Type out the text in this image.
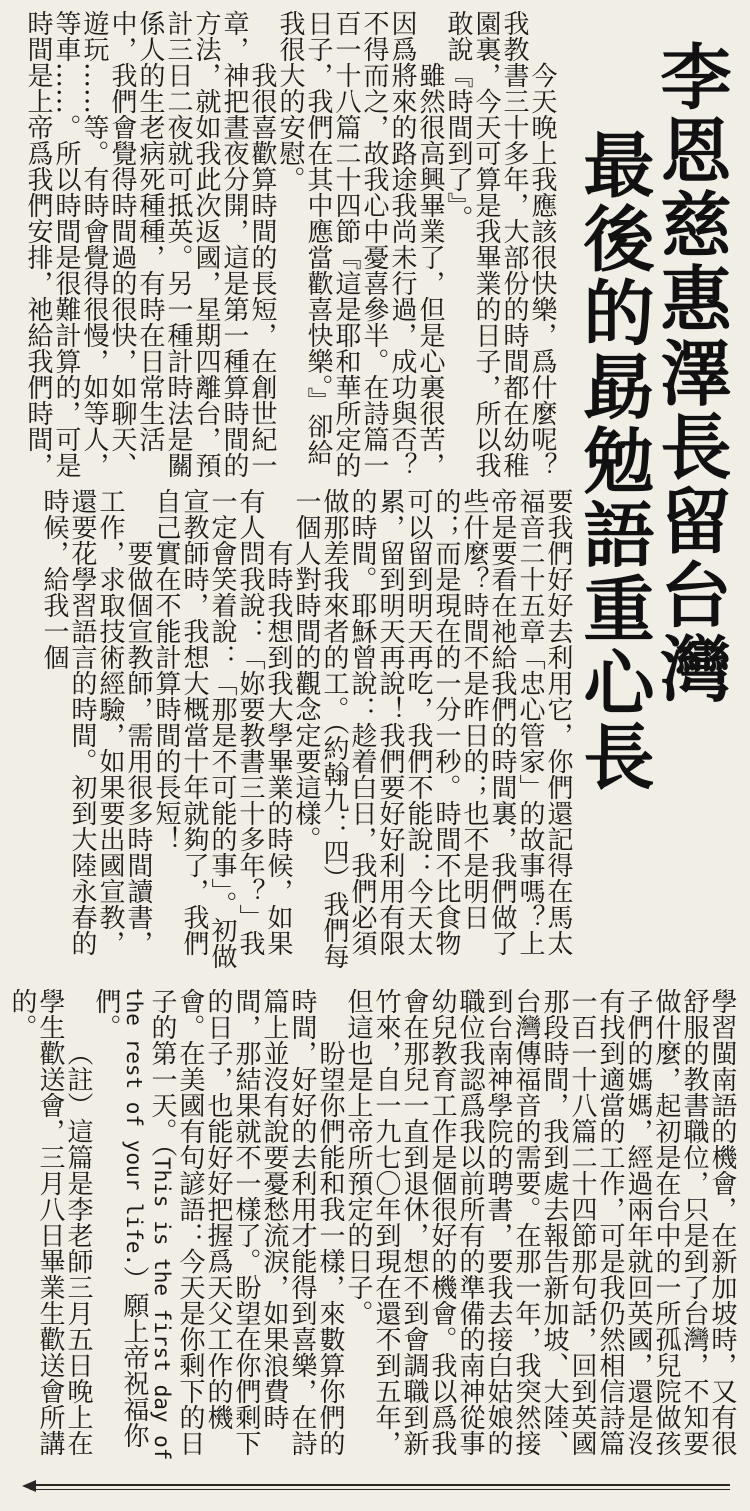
李恩慈惠澤長留台灣
最後的勗勉語重心長

今天晚上我應該很快樂，爲什麼呢？我教書三十多年，大部份的時間都在幼稚園裏，今天可算是我畢業的日子，所以我敢說『時間到了』。

雖然很高興畢業了，但是心裏很苦，因爲將來的路途我尚未行過，成功與否？不得而之，故我心中憂喜參半。在詩篇一百一十八篇二十四節『這是耶和華所定的日子，我們在其中應當歡喜快樂。』卻給我很大的安慰。

我很喜歡算時間的長短，在創世紀一章，神把晝夜分開，這是第一種算時間的方法，就如我此次返國，星期四離台，預計三日二夜就可抵英。另一種計時法是關係人的生老病死種種，有時在日常生活中，我們會覺得時間過的很快，如聊天、遊玩……等。有時會覺得很慢，如等人，等車……。所以時間是很難計算的，可是時間是上帝爲我們安排，祂給我們時間，

要我們好好去利用它，你們還記得在馬太福音二十五章「忠心管家」的故事嗎？上帝是要看在祂給我們的時間裏，我們做了些什麼？時間不是昨日的；也不是明日的；而是現在的一分一秒。時間不比食物可以留到明天再吃，我們不能說：今天太累，留到明天再說！我們要好好利用有限的時間。耶穌曾說：趁着白日，我們必須做那差我來者的工。（約翰九：四）我們每一個人對時間的觀念定要這樣。

有時我想到我大學畢業的時候，如果有人問我說：「妳要教書三十多年？」我一定會笑着說：「那是不可能的事」。初做宣教師時，我想大概當十年就夠了，我們自己實在不能計算時間的長短！

要做個宣教師，需用很多時間讀書，工作，求取技術經驗，如果要出國宣教，還要花學習語言的時間。初到大陸永春的時候，給我一個

學習閩南語的機會，在新加坡時，又有很舒服的教書職位，只是到了台灣，不知要做什麼，起初是在台中的一所孤兒院做孩子們的媽媽，經過兩年就回英國，還是沒有找到適當的工作，可是我仍然相信詩篇一百一十八篇二十四節那句話，回到英國那段時間，我到處去報告新加坡、大陸、台灣傳福音的需要。在那一年，我突然接到台南神學院的聘書，要我去接白姑娘的職位我認爲我以前所有的準備的南神從事幼兒教育工作是個很好的機會。我以爲我會在那兒一直到退休，想不到會調職到新竹來，自一九七〇年到現在還不到五年，但這也是上帝所預定的日子。

盼望你們能和我一樣，來數算你們的時間，好好的去利用才能得到喜樂，在詩篇上並沒有說要憂愁流淚，如果浪費時間，那結果就不一樣了。盼望在你們剩下的日子，也能好好把握爲天父工作的機會。在美國有句諺語：今天是你剩下的日子的第一天。（This is the first day of the rest of your life.）願上帝祝福你們。

（註）這篇是李老師三月五日晚上在學生歡送會，三月八日畢業生歡送會所講的。
